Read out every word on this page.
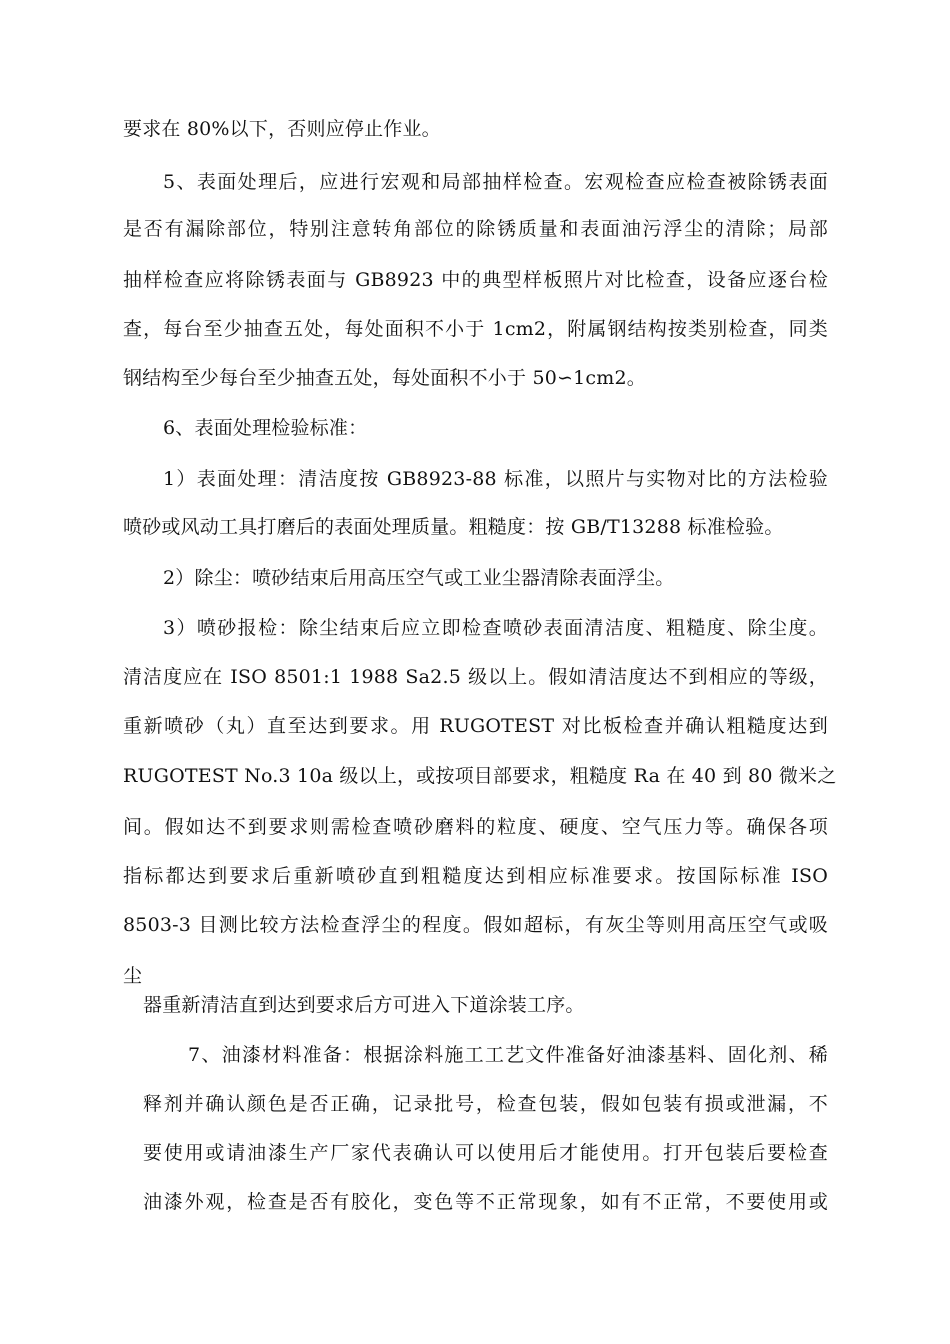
要求在 80%以下，否则应停止作业。
5、表面处理后，应进行宏观和局部抽样检查。宏观检查应检查被除锈表面
是否有漏除部位，特别注意转角部位的除锈质量和表面油污浮尘的清除；局部
抽样检查应将除锈表面与 GB8923 中的典型样板照片对比检查，设备应逐台检
查，每台至少抽查五处，每处面积不小于 1cm2，附属钢结构按类别检查，同类
钢结构至少每台至少抽查五处，每处面积不小于 50∽1cm2。
6、表面处理检验标准：
1）表面处理：清洁度按 GB8923-88 标准，以照片与实物对比的方法检验
喷砂或风动工具打磨后的表面处理质量。粗糙度：按 GB/T13288 标准检验。
2）除尘：喷砂结束后用高压空气或工业尘器清除表面浮尘。
3）喷砂报检：除尘结束后应立即检查喷砂表面清洁度、粗糙度、除尘度。
清洁度应在 ISO 8501:1 1988 Sa2.5 级以上。假如清洁度达不到相应的等级，
重新喷砂（丸）直至达到要求。用 RUGOTEST 对比板检查并确认粗糙度达到
RUGOTEST No.3 10a 级以上，或按项目部要求，粗糙度 Ra 在 40 到 80 微米之
间。假如达不到要求则需检查喷砂磨料的粒度、硬度、空气压力等。确保各项
指标都达到要求后重新喷砂直到粗糙度达到相应标准要求。按国际标准 ISO
8503-3 目测比较方法检查浮尘的程度。假如超标，有灰尘等则用高压空气或吸
尘
器重新清洁直到达到要求后方可进入下道涂装工序。
7、油漆材料准备：根据涂料施工工艺文件准备好油漆基料、固化剂、稀
释剂并确认颜色是否正确，记录批号，检查包装，假如包装有损或泄漏，不
要使用或请油漆生产厂家代表确认可以使用后才能使用。打开包装后要检查
油漆外观，检查是否有胶化，变色等不正常现象，如有不正常，不要使用或
